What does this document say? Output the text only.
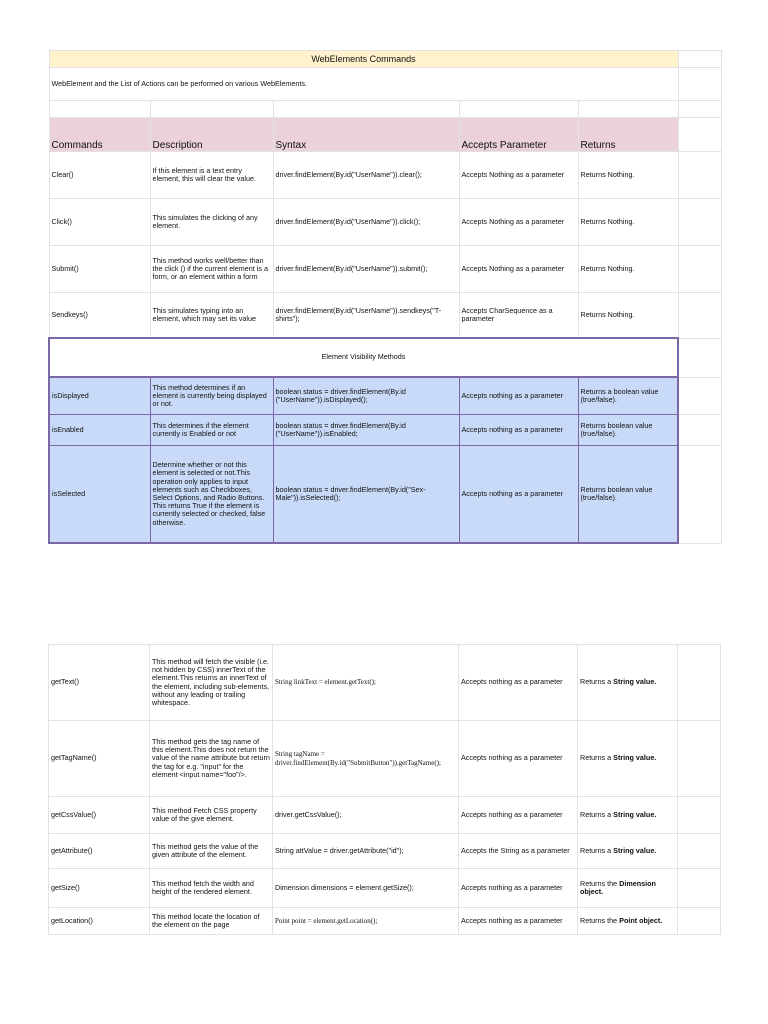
WebElements Commands					
WebElement and the List of Actions can be performed on various WebElements.					

Commands	Description	Syntax	Accepts Parameter	Returns	
Clear()	If this element is a text entry element, this will clear the value.	driver.findElement(By.id("UserName")).clear();	Accepts Nothing as a parameter	Returns Nothing.	
Click()	This simulates the clicking of any element.	driver.findElement(By.id("UserName")).click();	Accepts Nothing as a parameter	Returns Nothing.	
Submit()	This method works well/better than the click () if the current element is a form, or an element within a form	driver.findElement(By.id("UserName")).submit();	Accepts Nothing as a parameter	Returns Nothing.	
Sendkeys()	This simulates typing into an element, which may set its value	driver.findElement(By.id("UserName")).sendkeys("T-shirts");	Accepts CharSequence as a parameter	Returns Nothing.	
Element Visibility Methods					
isDisplayed	This method determines if an element is currently being displayed or not.	boolean status = driver.findElement(By.id ("UserName")).isDisplayed();	Accepts nothing as a parameter	Returns a boolean value (true/false).	
isEnabled	This determines if the element currently is Enabled or not	boolean status = driver.findElement(By.id ("UserName")).isEnabled;	Accepts nothing as a parameter	Returns boolean value (true/false).	
isSelected	Determine whether or not this element is selected or not.This operation only applies to input elements such as Checkboxes, Select Options, and Radio Buttons. This returns True if the element is currently selected or checked, false otherwise.	boolean status = driver.findElement(By.id("Sex-Male")).isSelected();	Accepts nothing as a parameter	Returns boolean value (true/false).	
getText()	This method will fetch the visible (i.e. not hidden by CSS) innerText of the element.This returns an innerText of the element, including sub-elements, without any leading or trailing whitespace.	String linkText = element.getText();	Accepts nothing as a parameter	Returns a String value.	
getTagName()	This method gets the tag name of this element.This does not return the value of the name attribute but return the tag for e.g. "input" for the element <input name="foo"/>.	String tagName = driver.findElement(By.id("SubmitButton")).getTagName();	Accepts nothing as a parameter	Returns a String value.	
getCssValue()	This method Fetch CSS property value of the give element.	driver.getCssValue();	Accepts nothing as a parameter	Returns a String value.	
getAttribute()	This method gets the value of the given attribute of the element.	String attValue = driver.getAttribute("id");	Accepts the String as a parameter	Returns a String value.	
getSize()	This method fetch the width and height of the rendered element.	Dimension dimensions = element.getSize();	Accepts nothing as a parameter	Returns the Dimension object.	
getLocation()	This method locate the location of the element on the page	Point point = element.getLocation();	Accepts nothing as a parameter	Returns the Point object.	
